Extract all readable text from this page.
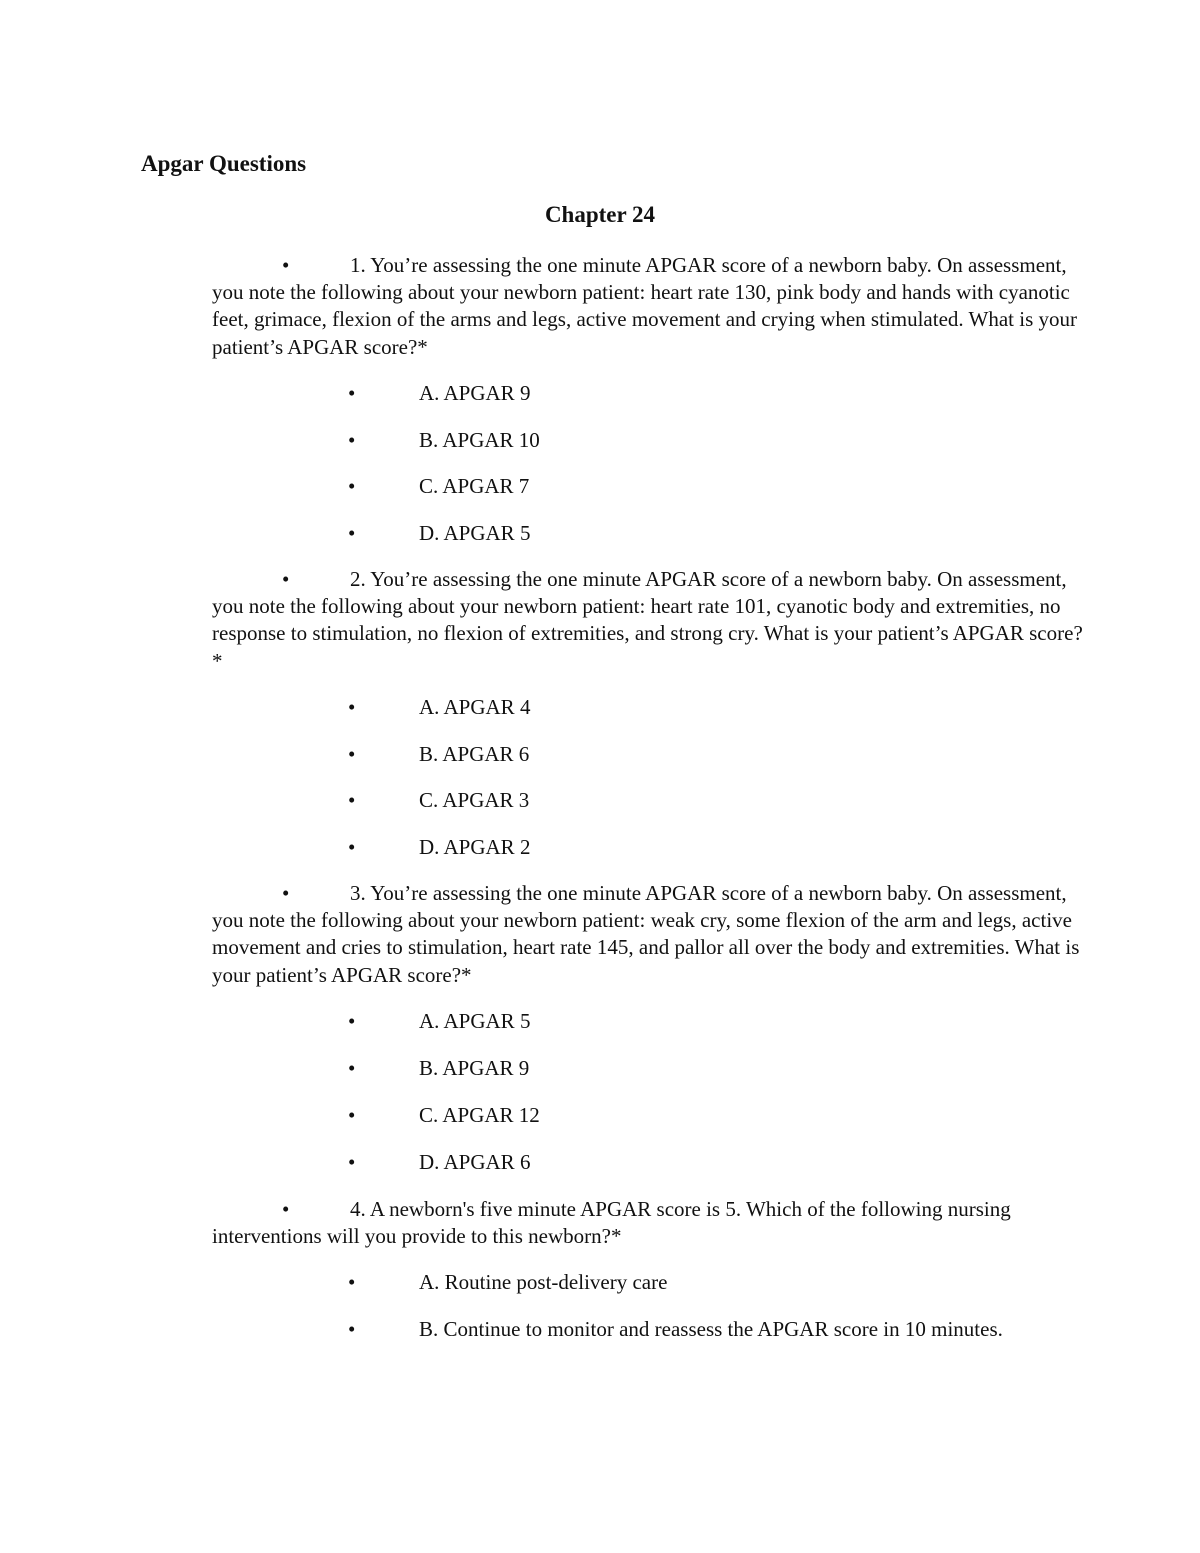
Apgar Questions
Chapter 24

•	1. You’re assessing the one minute APGAR score of a newborn baby. On assessment, you note the following about your newborn patient: heart rate 130, pink body and hands with cyanotic feet, grimace, flexion of the arms and legs, active movement and crying when stimulated. What is your patient’s APGAR score?*

•	A. APGAR 9
•	B. APGAR 10
•	C. APGAR 7
•	D. APGAR 5

•	2. You’re assessing the one minute APGAR score of a newborn baby. On assessment, you note the following about your newborn patient: heart rate 101, cyanotic body and extremities, no response to stimulation, no flexion of extremities, and strong cry. What is your patient’s APGAR score?*

•	A. APGAR 4
•	B. APGAR 6
•	C. APGAR 3
•	D. APGAR 2

•	3. You’re assessing the one minute APGAR score of a newborn baby. On assessment, you note the following about your newborn patient: weak cry, some flexion of the arm and legs, active movement and cries to stimulation, heart rate 145, and pallor all over the body and extremities. What is your patient’s APGAR score?*

•	A. APGAR 5
•	B. APGAR 9
•	C. APGAR 12
•	D. APGAR 6

•	4. A newborn's five minute APGAR score is 5. Which of the following nursing interventions will you provide to this newborn?*

•	A. Routine post-delivery care
•	B. Continue to monitor and reassess the APGAR score in 10 minutes.
